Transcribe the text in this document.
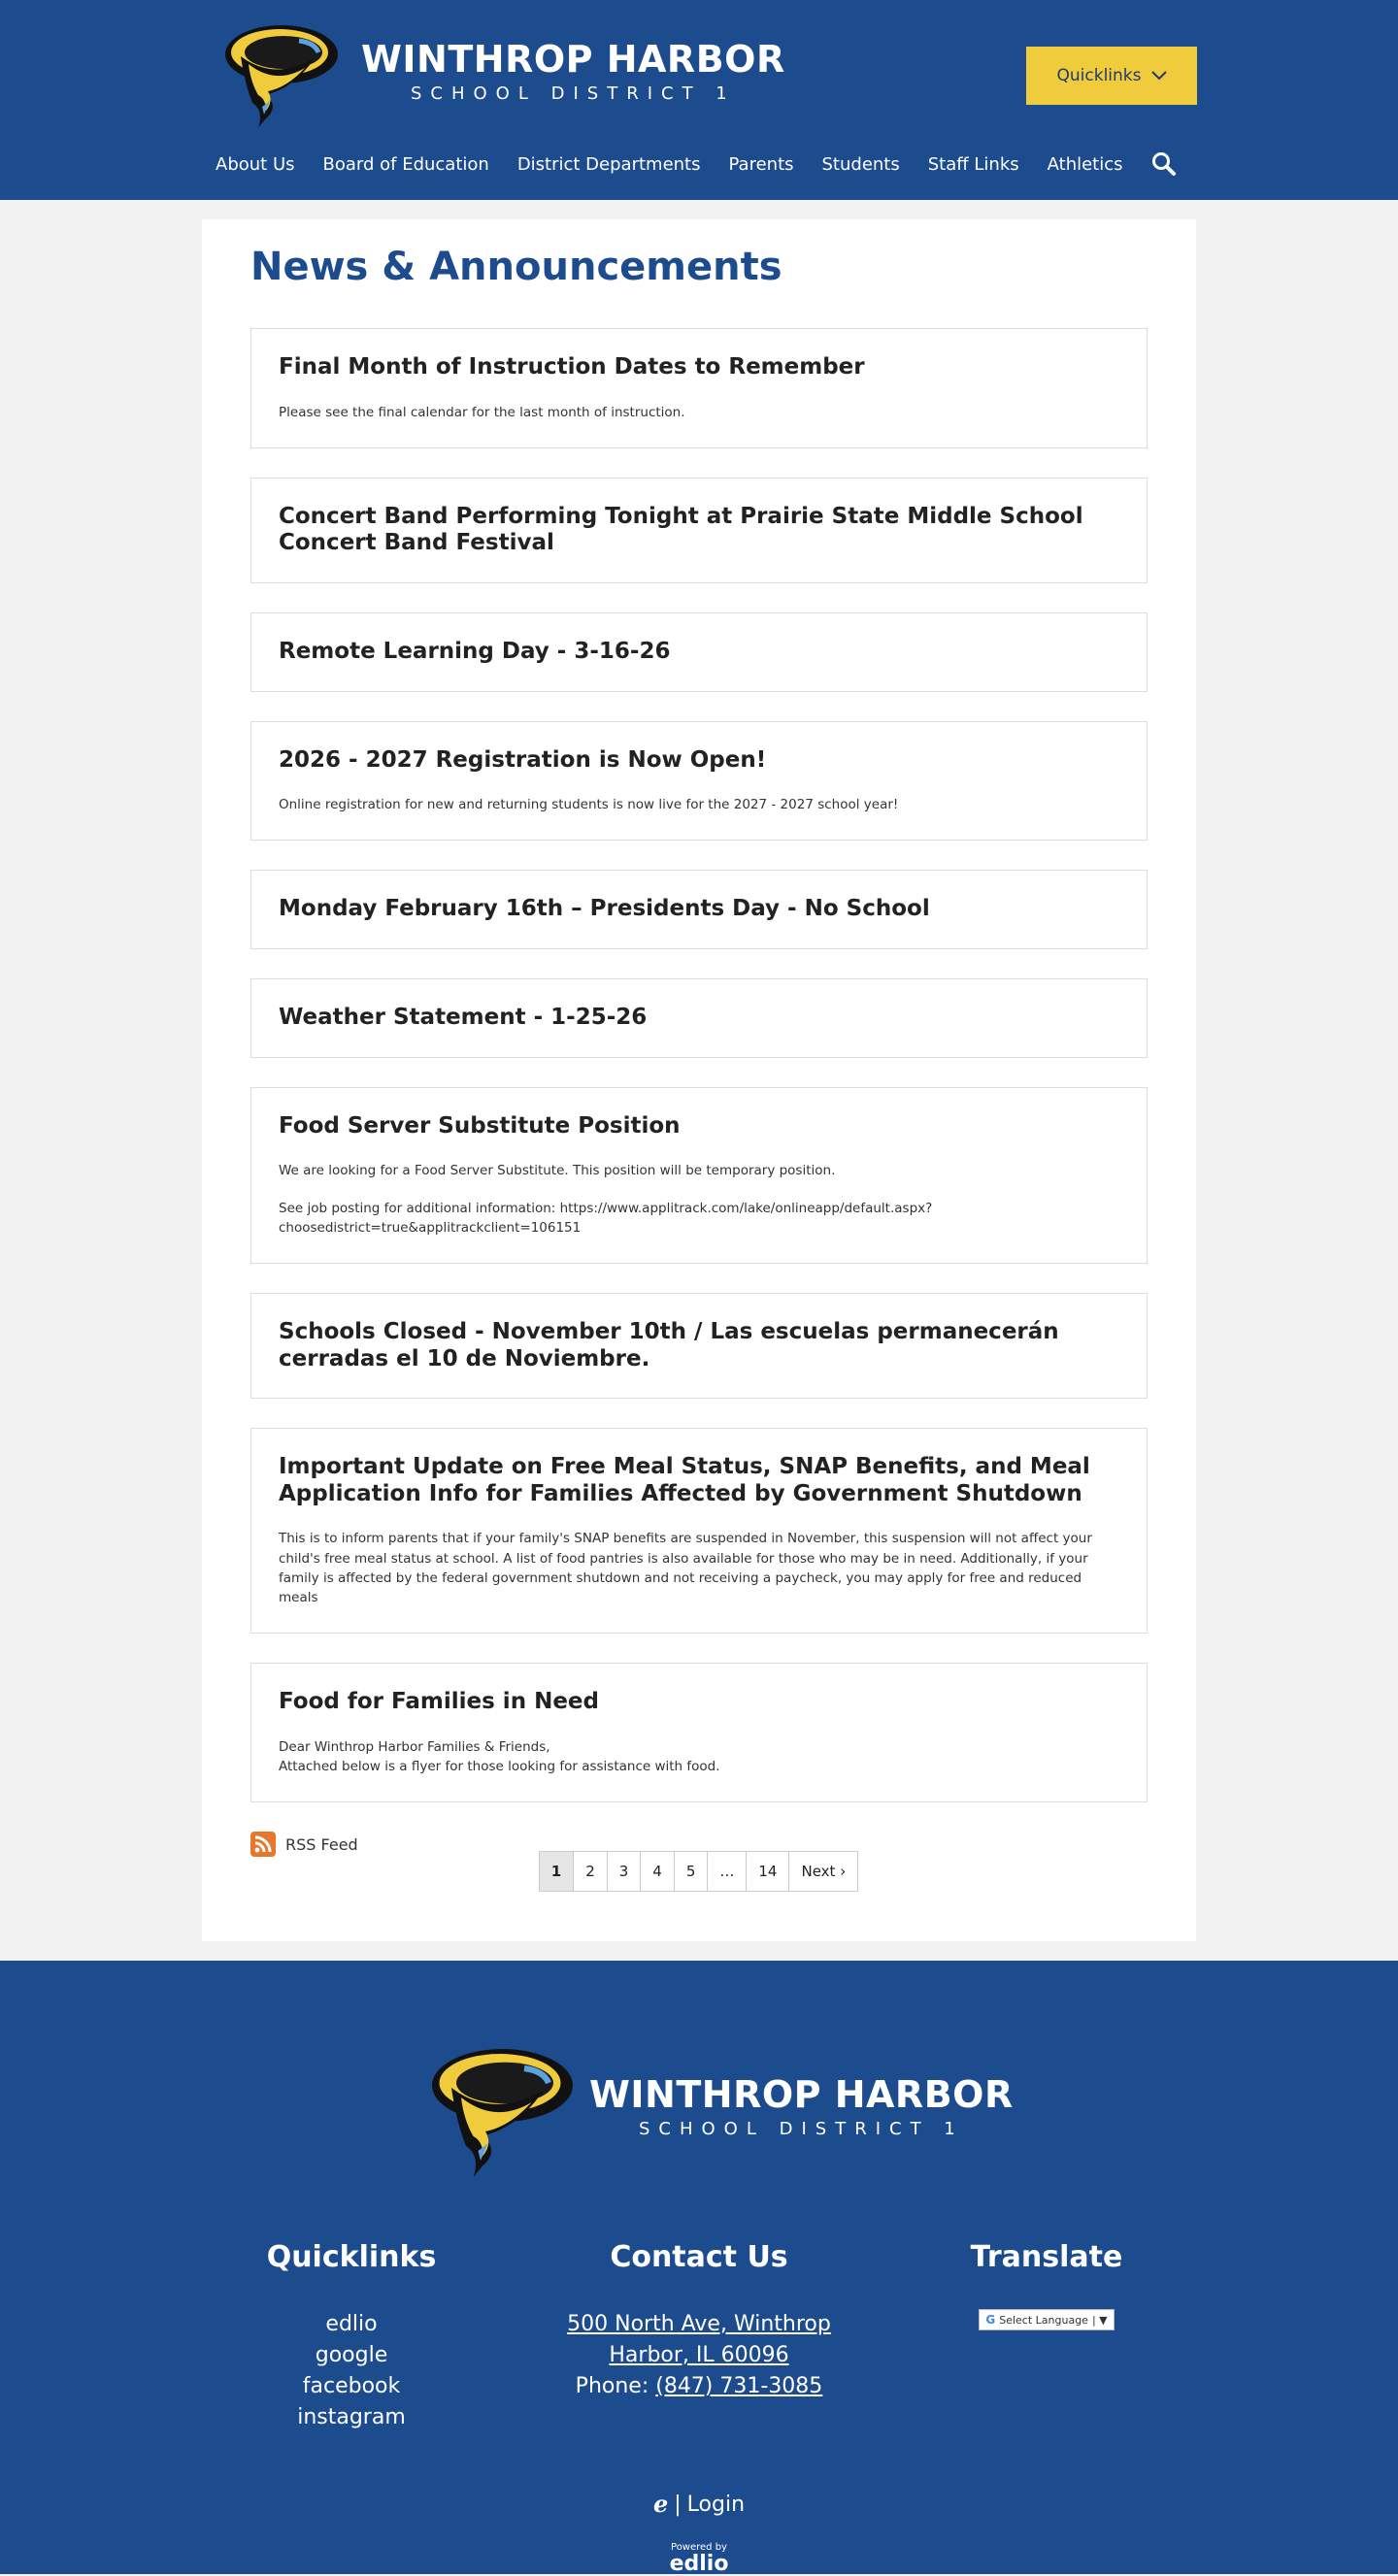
WINTHROP HARBOR
SCHOOL DISTRICT 1
Quicklinks
About Us Board of Education District Departments Parents Students Staff Links Athletics
News & Announcements
Final Month of Instruction Dates to Remember

Please see the final calendar for the last month of instruction.

Concert Band Performing Tonight at Prairie State Middle School Concert Band Festival
Remote Learning Day - 3-16-26
2026 - 2027 Registration is Now Open!

Online registration for new and returning students is now live for the 2027 - 2027 school year!

Monday February 16th – Presidents Day - No School
Weather Statement - 1-25-26
Food Server Substitute Position

We are looking for a Food Server Substitute. This position will be temporary position.

See job posting for additional information: https://www.applitrack.com/lake/onlineapp/default.aspx?choosedistrict=true&applitrackclient=106151

Schools Closed - November 10th / Las escuelas permanecerán cerradas el 10 de Noviembre.
Important Update on Free Meal Status, SNAP Benefits, and Meal Application Info for Families Affected by Government Shutdown

This is to inform parents that if your family's SNAP benefits are suspended in November, this suspension will not affect your child's free meal status at school. A list of food pantries is also available for those who may be in need. Additionally, if your family is affected by the federal government shutdown and not receiving a paycheck, you may apply for free and reduced meals

Food for Families in Need

Dear Winthrop Harbor Families & Friends,
Attached below is a flyer for those looking for assistance with food.

RSS Feed
1	2	3	4	5	…	14	Next ›
WINTHROP HARBOR
SCHOOL DISTRICT 1
Quicklinks
edlio
google
facebook
instagram
Contact Us
500 North Ave, Winthrop
Harbor, IL 60096
Phone: (847) 731-3085
Translate
G Select Language | ▼
ℯ | Login
Powered by
edlio
